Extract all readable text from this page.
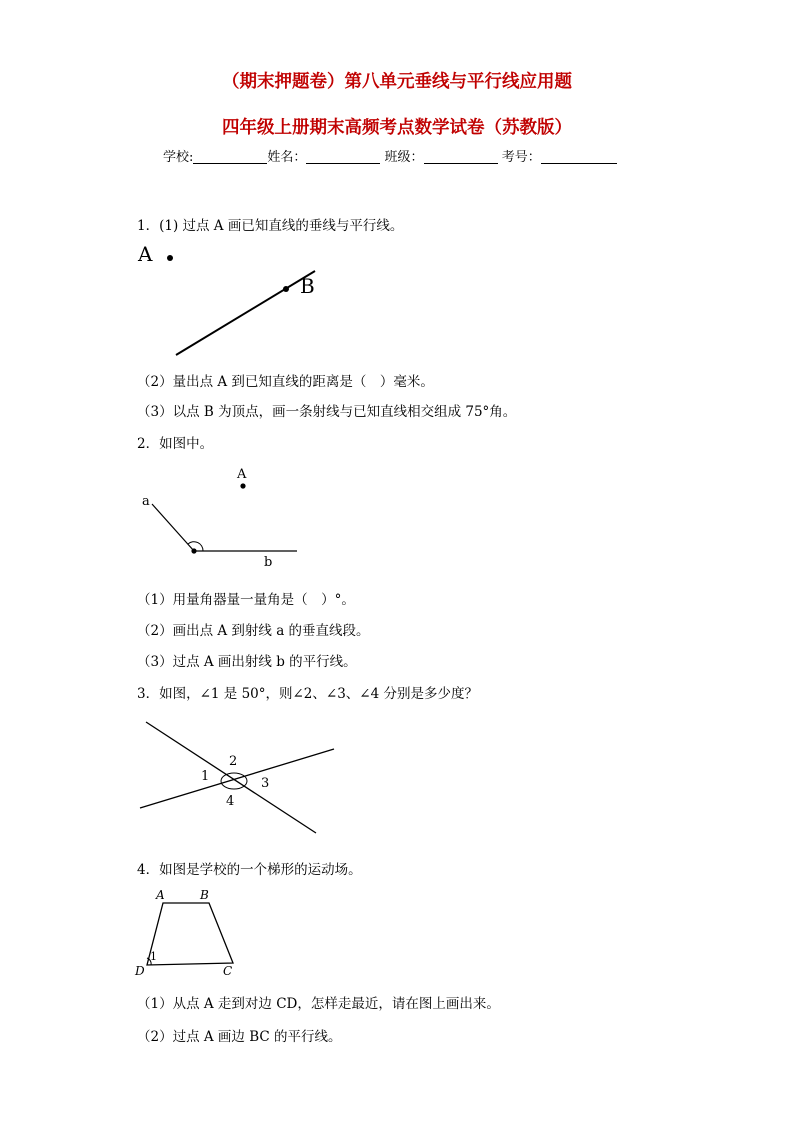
（期末押题卷）第八单元垂线与平行线应用题
四年级上册期末高频考点数学试卷（苏教版）
学校:	姓名：	班级：	考号：
1．(1) 过点 A 画已知直线的垂线与平行线。
A
B
（2）量出点 A 到已知直线的距离是（　）毫米。
（3）以点 B 为顶点，画一条射线与已知直线相交组成 75°角。
2．如图中。
A
a
b
（1）用量角器量一量角是（　）°。
（2）画出点 A 到射线 a 的垂直线段。
（3）过点 A 画出射线 b 的平行线。
3．如图，∠1 是 50°，则∠2、∠3、∠4 分别是多少度？
1
2
3
4
4．如图是学校的一个梯形的运动场。
A	B
C
D
1
（1）从点 A 走到对边 CD，怎样走最近，请在图上画出来。
（2）过点 A 画边 BC 的平行线。
